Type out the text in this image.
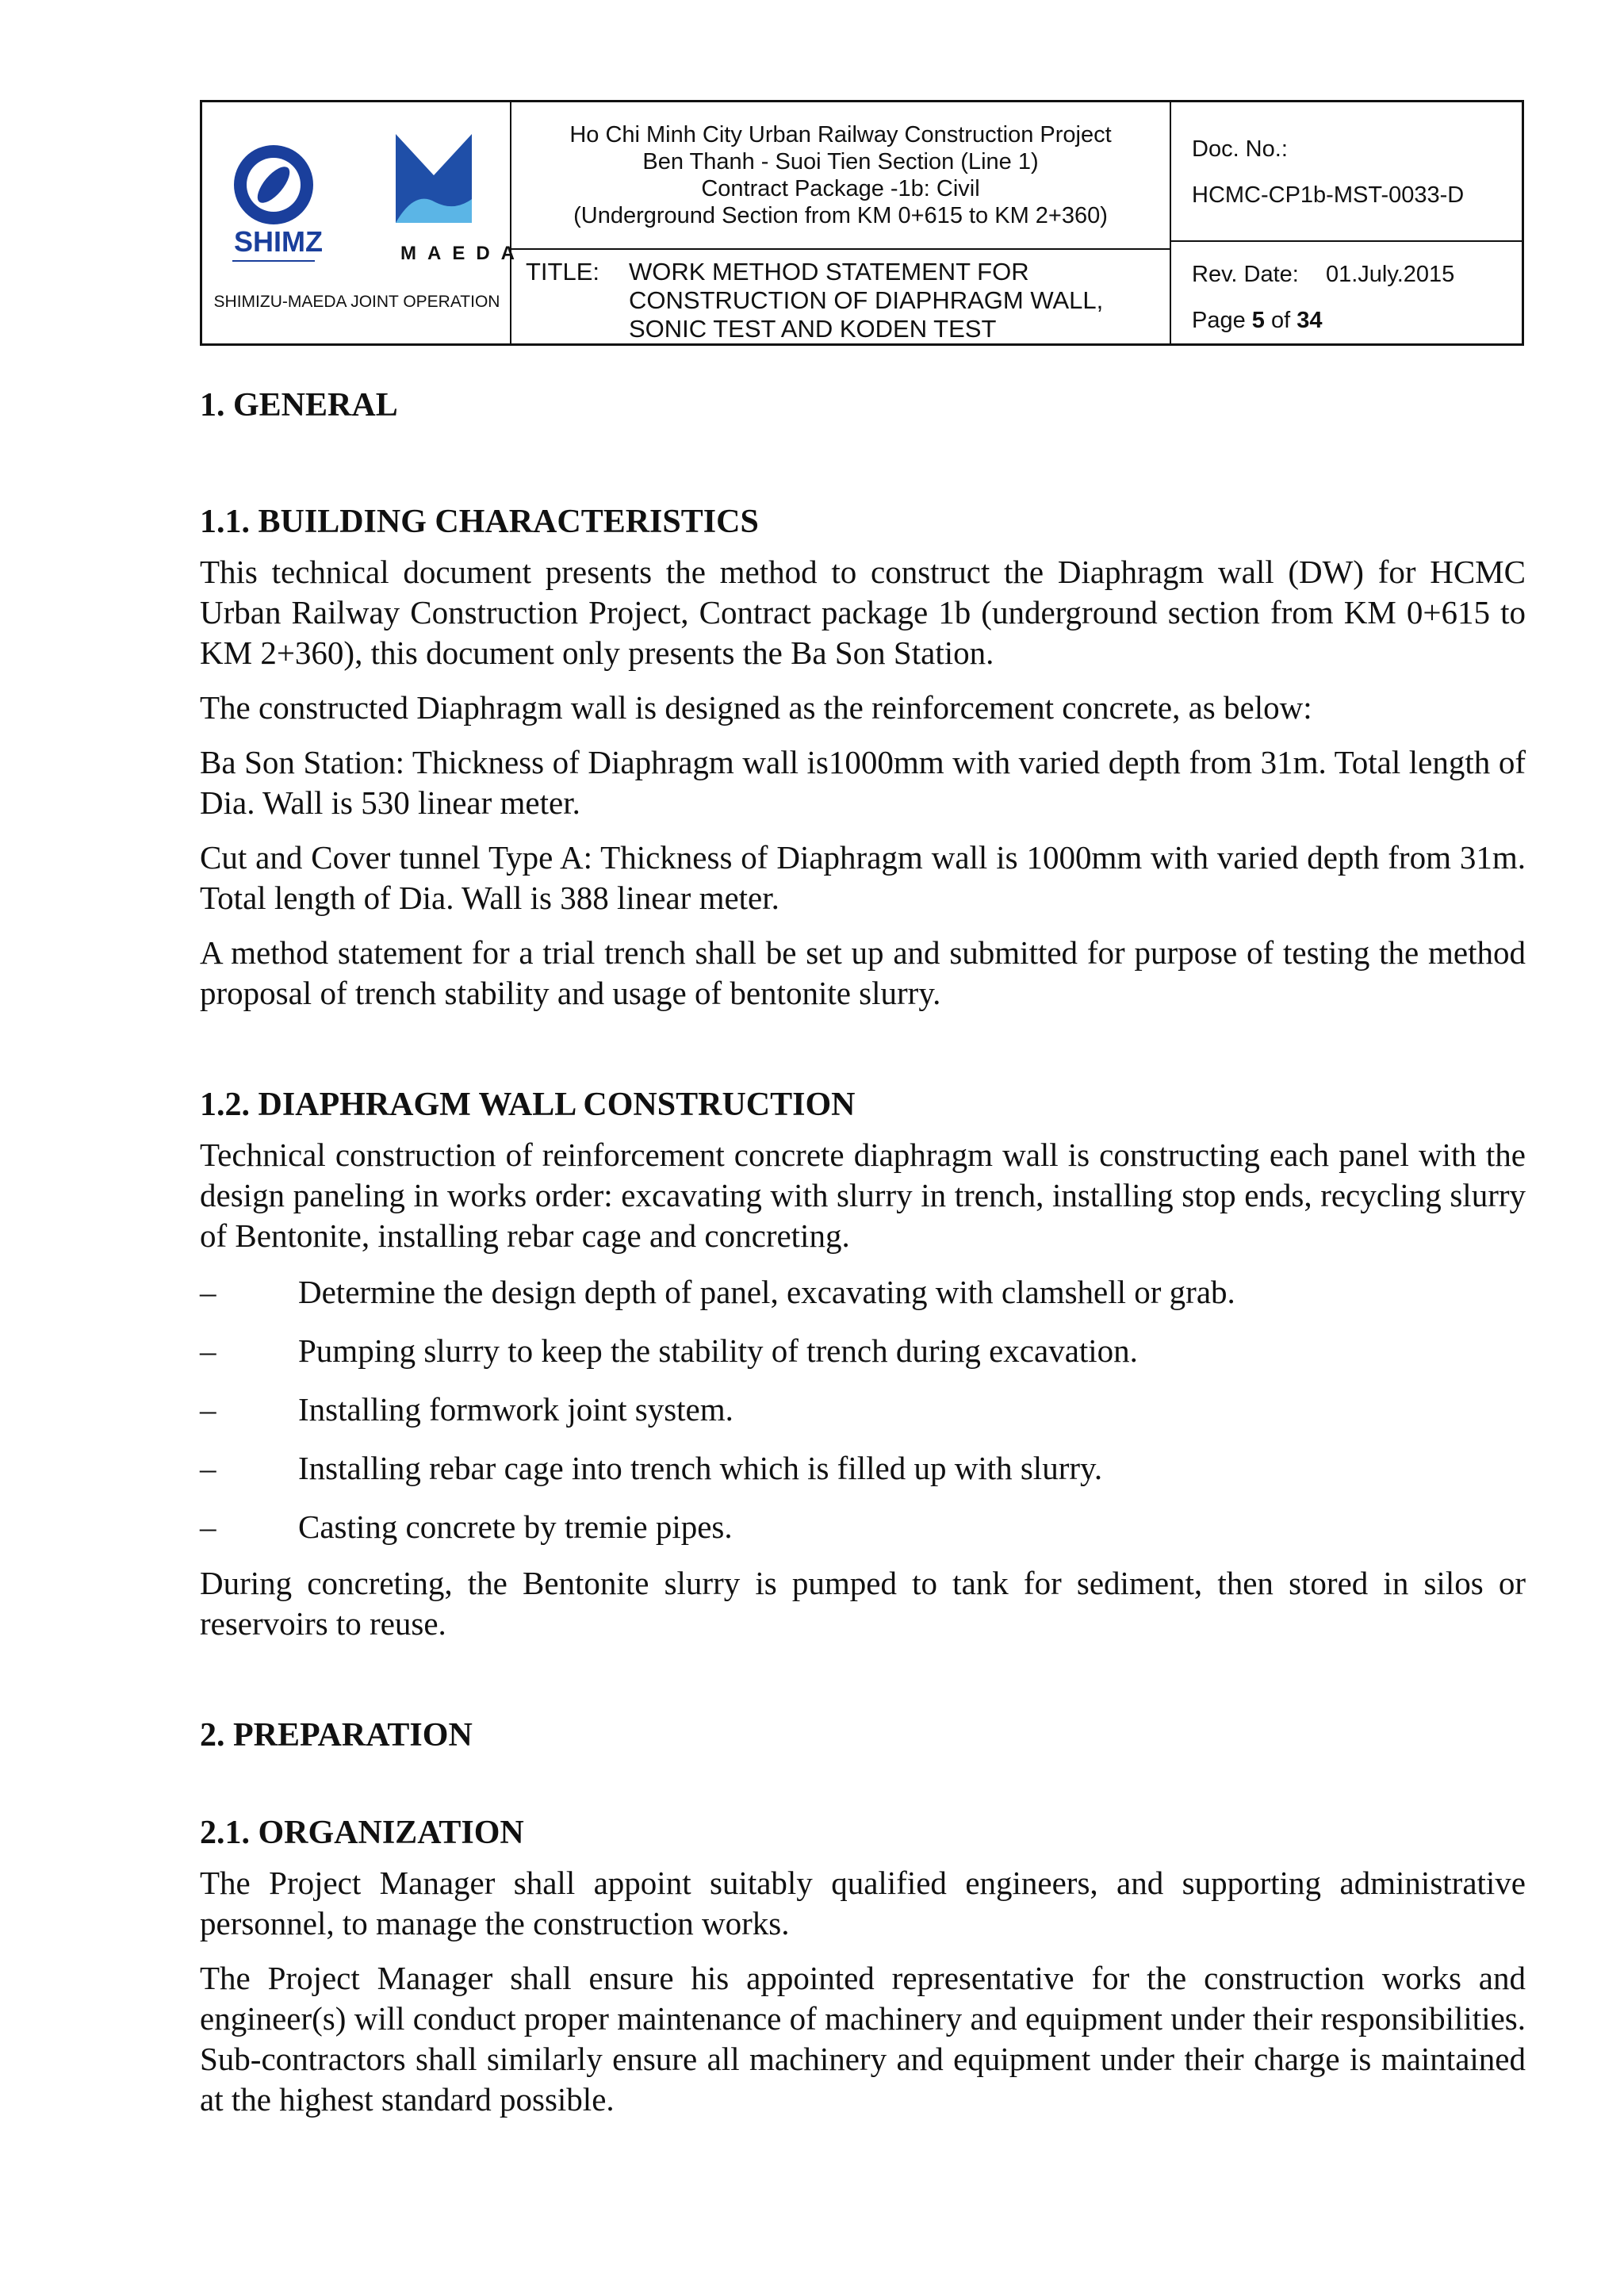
SHIMZ	MAEDA
SHIMIZU-MAEDA JOINT OPERATION
Ho Chi Minh City Urban Railway Construction Project
Ben Thanh - Suoi Tien Section (Line 1)
Contract Package -1b: Civil
(Underground Section from KM 0+615 to KM 2+360)
TITLE: WORK METHOD STATEMENT FOR
CONSTRUCTION OF DIAPHRAGM WALL,
SONIC TEST AND KODEN TEST
Doc. No.:
HCMC-CP1b-MST-0033-D
Rev. Date: 01.July.2015
Page 5 of 34

1. GENERAL

1.1. BUILDING CHARACTERISTICS

This technical document presents the method to construct the Diaphragm wall (DW) for HCMC Urban Railway Construction Project, Contract package 1b (underground section from KM 0+615 to KM 2+360), this document only presents the Ba Son Station.

The constructed Diaphragm wall is designed as the reinforcement concrete, as below:

Ba Son Station: Thickness of Diaphragm wall is1000mm with varied depth from 31m. Total length of Dia. Wall is 530 linear meter.

Cut and Cover tunnel Type A: Thickness of Diaphragm wall is 1000mm with varied depth from 31m. Total length of Dia. Wall is 388 linear meter.

A method statement for a trial trench shall be set up and submitted for purpose of testing the method proposal of trench stability and usage of bentonite slurry.

1.2. DIAPHRAGM WALL CONSTRUCTION

Technical construction of reinforcement concrete diaphragm wall is constructing each panel with the design paneling in works order: excavating with slurry in trench, installing stop ends, recycling slurry of Bentonite, installing rebar cage and concreting.

–	Determine the design depth of panel, excavating with clamshell or grab.
–	Pumping slurry to keep the stability of trench during excavation.
–	Installing formwork joint system.
–	Installing rebar cage into trench which is filled up with slurry.
–	Casting concrete by tremie pipes.

During concreting, the Bentonite slurry is pumped to tank for sediment, then stored in silos or reservoirs to reuse.

2. PREPARATION

2.1. ORGANIZATION

The Project Manager shall appoint suitably qualified engineers, and supporting administrative personnel, to manage the construction works.

The Project Manager shall ensure his appointed representative for the construction works and engineer(s) will conduct proper maintenance of machinery and equipment under their responsibilities. Sub-contractors shall similarly ensure all machinery and equipment under their charge is maintained at the highest standard possible.
